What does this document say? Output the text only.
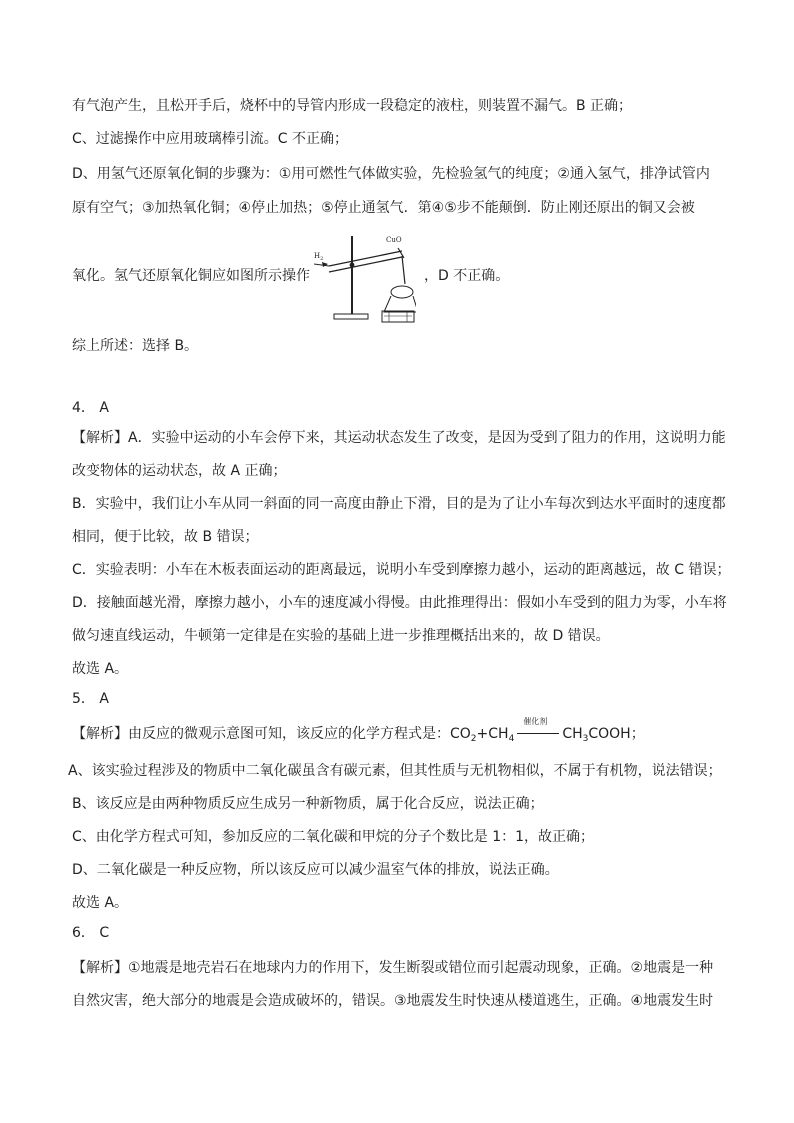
有气泡产生，且松开手后，烧杯中的导管内形成一段稳定的液柱，则装置不漏气。B 正确；
C、过滤操作中应用玻璃棒引流。C 不正确；
D、用氢气还原氧化铜的步骤为：①用可燃性气体做实验，先检验氢气的纯度；②通入氢气，排净试管内
原有空气；③加热氧化铜；④停止加热；⑤停止通氢气．第④⑤步不能颠倒．防止刚还原出的铜又会被
氧化。氢气还原氧化铜应如图所示操作
$H_2$
CuO
，D 不正确。
综上所述：选择 B。
4． A
【解析】A．实验中运动的小车会停下来，其运动状态发生了改变，是因为受到了阻力的作用，这说明力能
改变物体的运动状态，故 A 正确；
B．实验中，我们让小车从同一斜面的同一高度由静止下滑，目的是为了让小车每次到达水平面时的速度都
相同，便于比较，故 B 错误；
C．实验表明：小车在木板表面运动的距离最远，说明小车受到摩擦力越小，运动的距离越远，故 C 错误；
D．接触面越光滑，摩擦力越小，小车的速度减小得慢。由此推理得出：假如小车受到的阻力为零，小车将
做匀速直线运动，牛顿第一定律是在实验的基础上进一步推理概括出来的，故 D 错误。
故选 A。
5． A
【解析】由反应的微观示意图可知，该反应的化学方程式是：$CO_2+CH_4$
催化剂
$CH_3COOH$；
A、该实验过程涉及的物质中二氧化碳虽含有碳元素，但其性质与无机物相似，不属于有机物，说法错误；
B、该反应是由两种物质反应生成另一种新物质，属于化合反应，说法正确；
C、由化学方程式可知，参加反应的二氧化碳和甲烷的分子个数比是 1：1，故正确；
D、二氧化碳是一种反应物，所以该反应可以减少温室气体的排放，说法正确。
故选 A。
6． C
【解析】①地震是地壳岩石在地球内力的作用下，发生断裂或错位而引起震动现象，正确。②地震是一种
自然灾害，绝大部分的地震是会造成破坏的，错误。③地震发生时快速从楼道逃生，正确。④地震发生时
